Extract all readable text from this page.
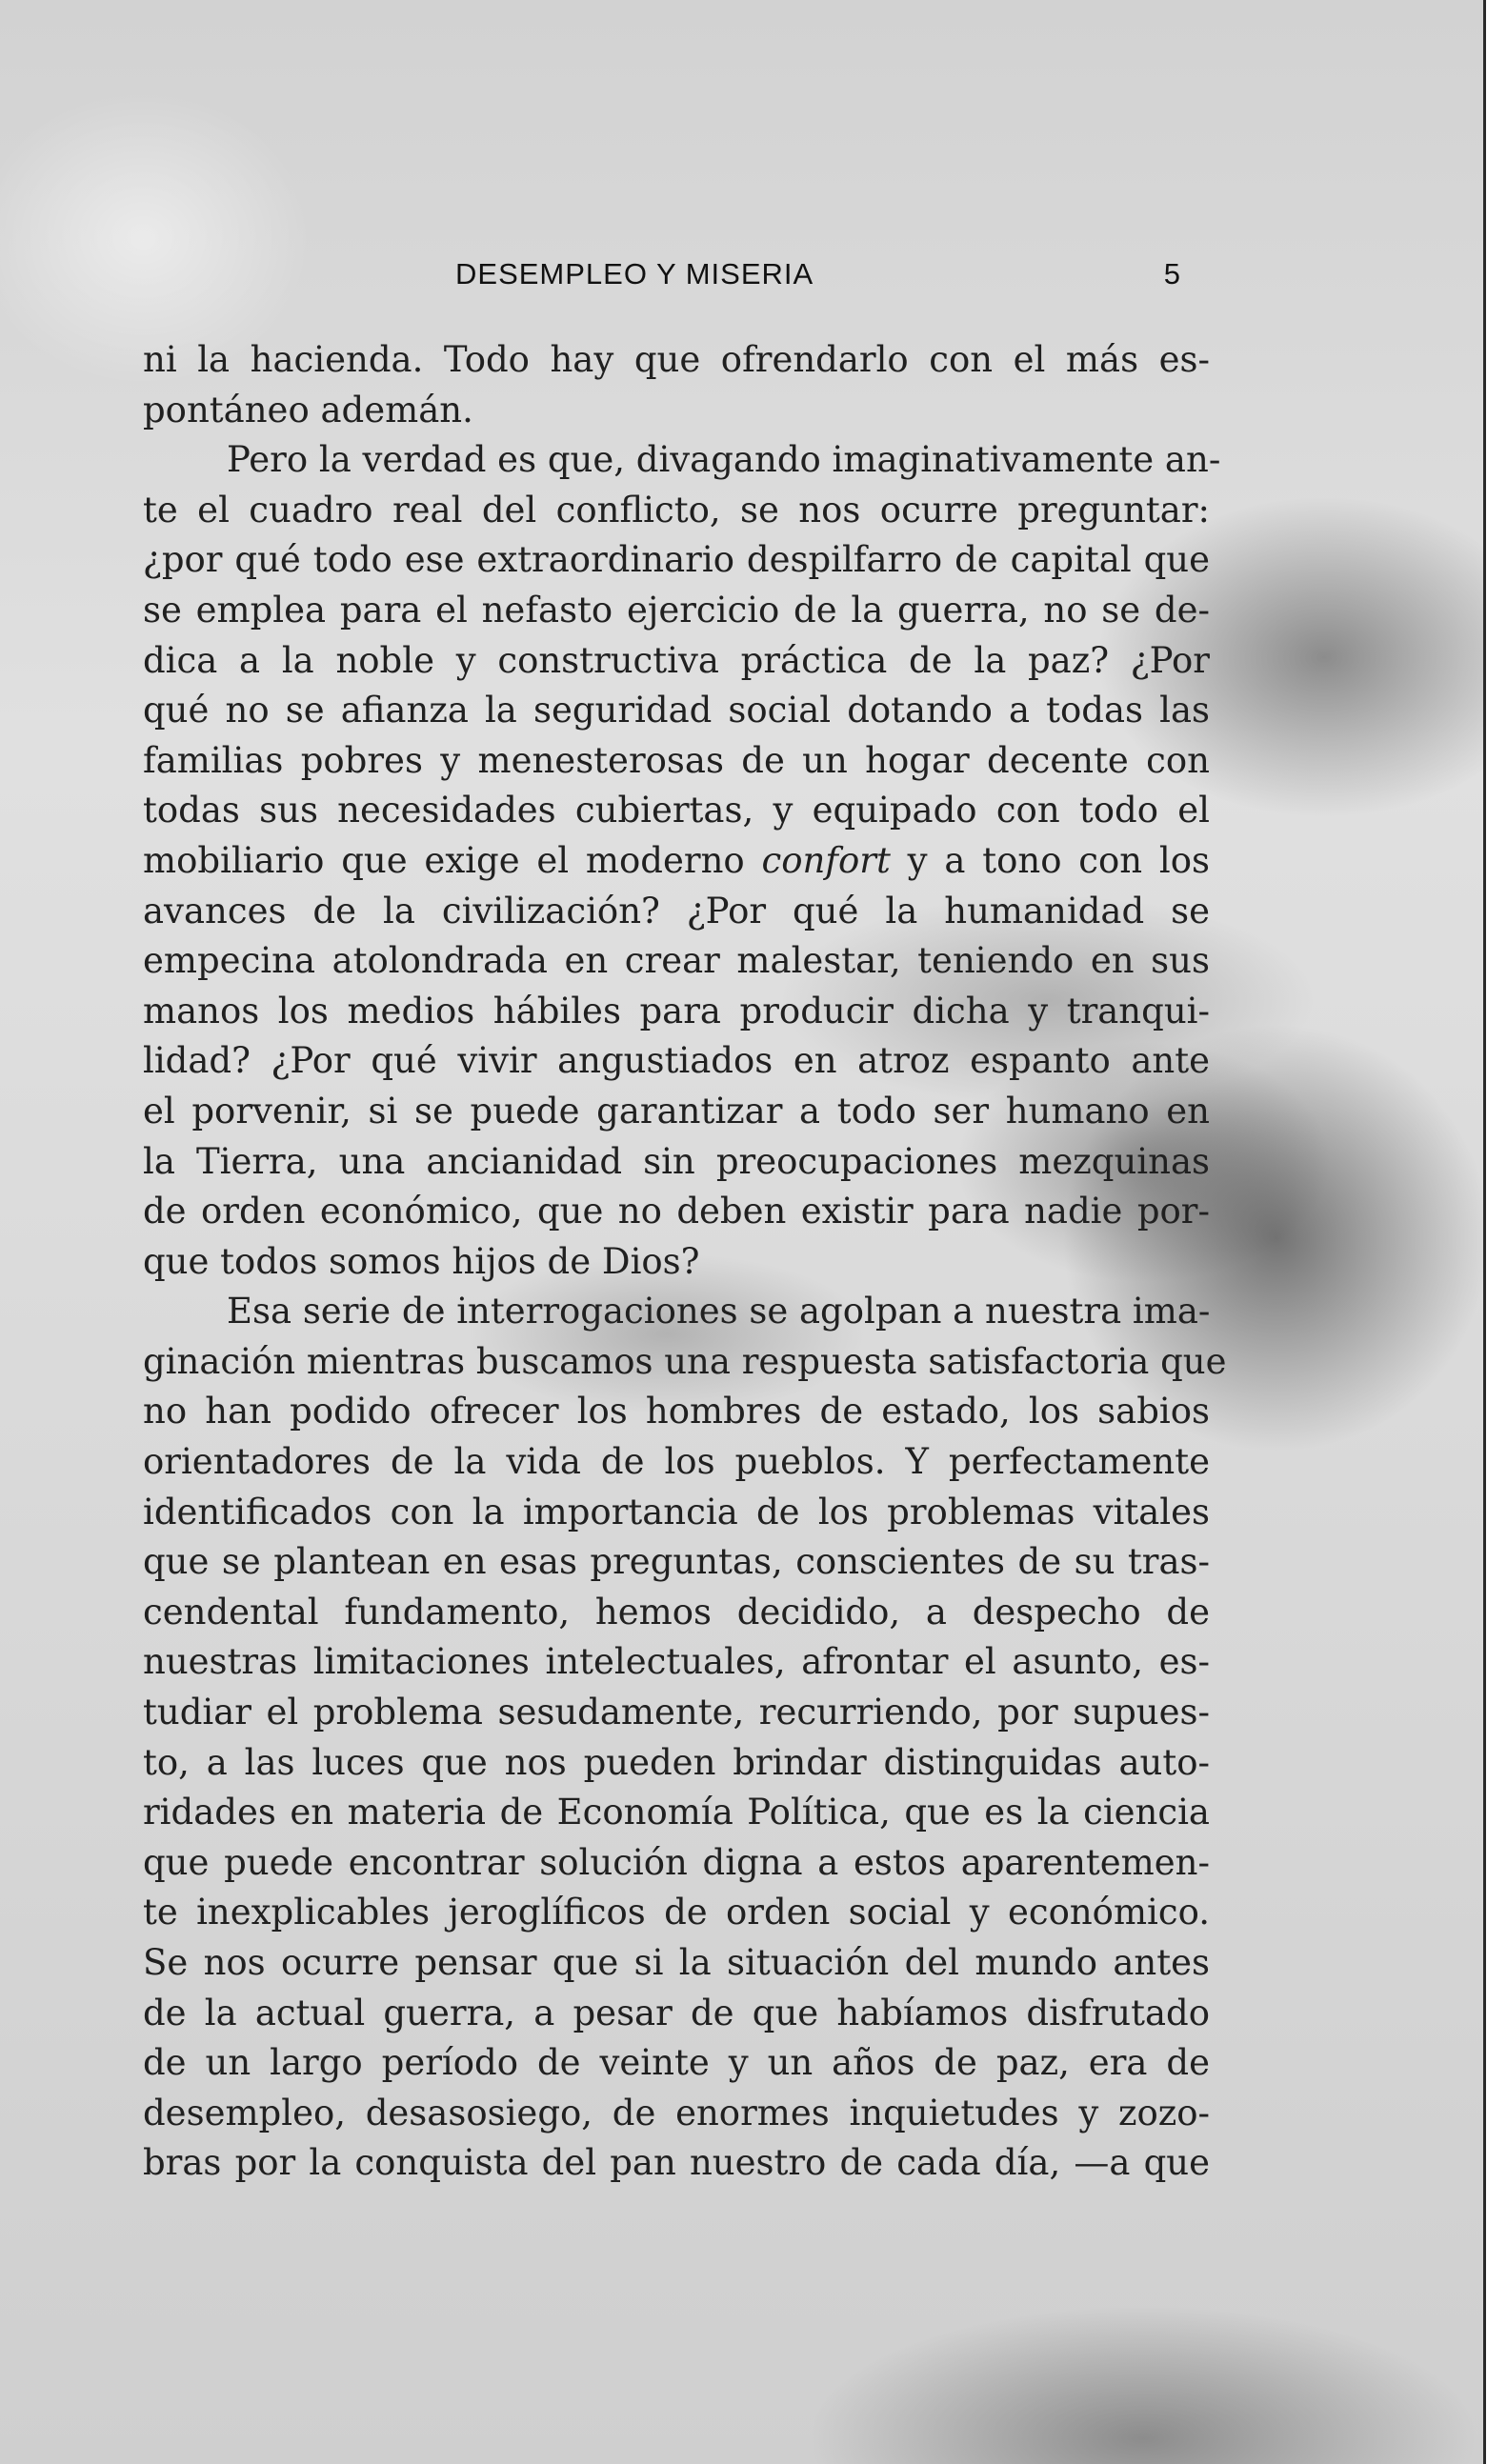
DESEMPLEO Y MISERIA	5
ni la hacienda. Todo hay que ofrendarlo con el más es-
pontáneo ademán.
Pero la verdad es que, divagando imaginativamente an-
te el cuadro real del conflicto, se nos ocurre preguntar:
¿por qué todo ese extraordinario despilfarro de capital que
se emplea para el nefasto ejercicio de la guerra, no se de-
dica a la noble y constructiva práctica de la paz? ¿Por
qué no se afianza la seguridad social dotando a todas las
familias pobres y menesterosas de un hogar decente con
todas sus necesidades cubiertas, y equipado con todo el
mobiliario que exige el moderno confort y a tono con los
avances de la civilización? ¿Por qué la humanidad se
empecina atolondrada en crear malestar, teniendo en sus
manos los medios hábiles para producir dicha y tranqui-
lidad? ¿Por qué vivir angustiados en atroz espanto ante
el porvenir, si se puede garantizar a todo ser humano en
la Tierra, una ancianidad sin preocupaciones mezquinas
de orden económico, que no deben existir para nadie por-
que todos somos hijos de Dios?
Esa serie de interrogaciones se agolpan a nuestra ima-
ginación mientras buscamos una respuesta satisfactoria que
no han podido ofrecer los hombres de estado, los sabios
orientadores de la vida de los pueblos. Y perfectamente
identificados con la importancia de los problemas vitales
que se plantean en esas preguntas, conscientes de su tras-
cendental fundamento, hemos decidido, a despecho de
nuestras limitaciones intelectuales, afrontar el asunto, es-
tudiar el problema sesudamente, recurriendo, por supues-
to, a las luces que nos pueden brindar distinguidas auto-
ridades en materia de Economía Política, que es la ciencia
que puede encontrar solución digna a estos aparentemen-
te inexplicables jeroglíficos de orden social y económico.
Se nos ocurre pensar que si la situación del mundo antes
de la actual guerra, a pesar de que habíamos disfrutado
de un largo período de veinte y un años de paz, era de
desempleo, desasosiego, de enormes inquietudes y zozo-
bras por la conquista del pan nuestro de cada día, —a que
